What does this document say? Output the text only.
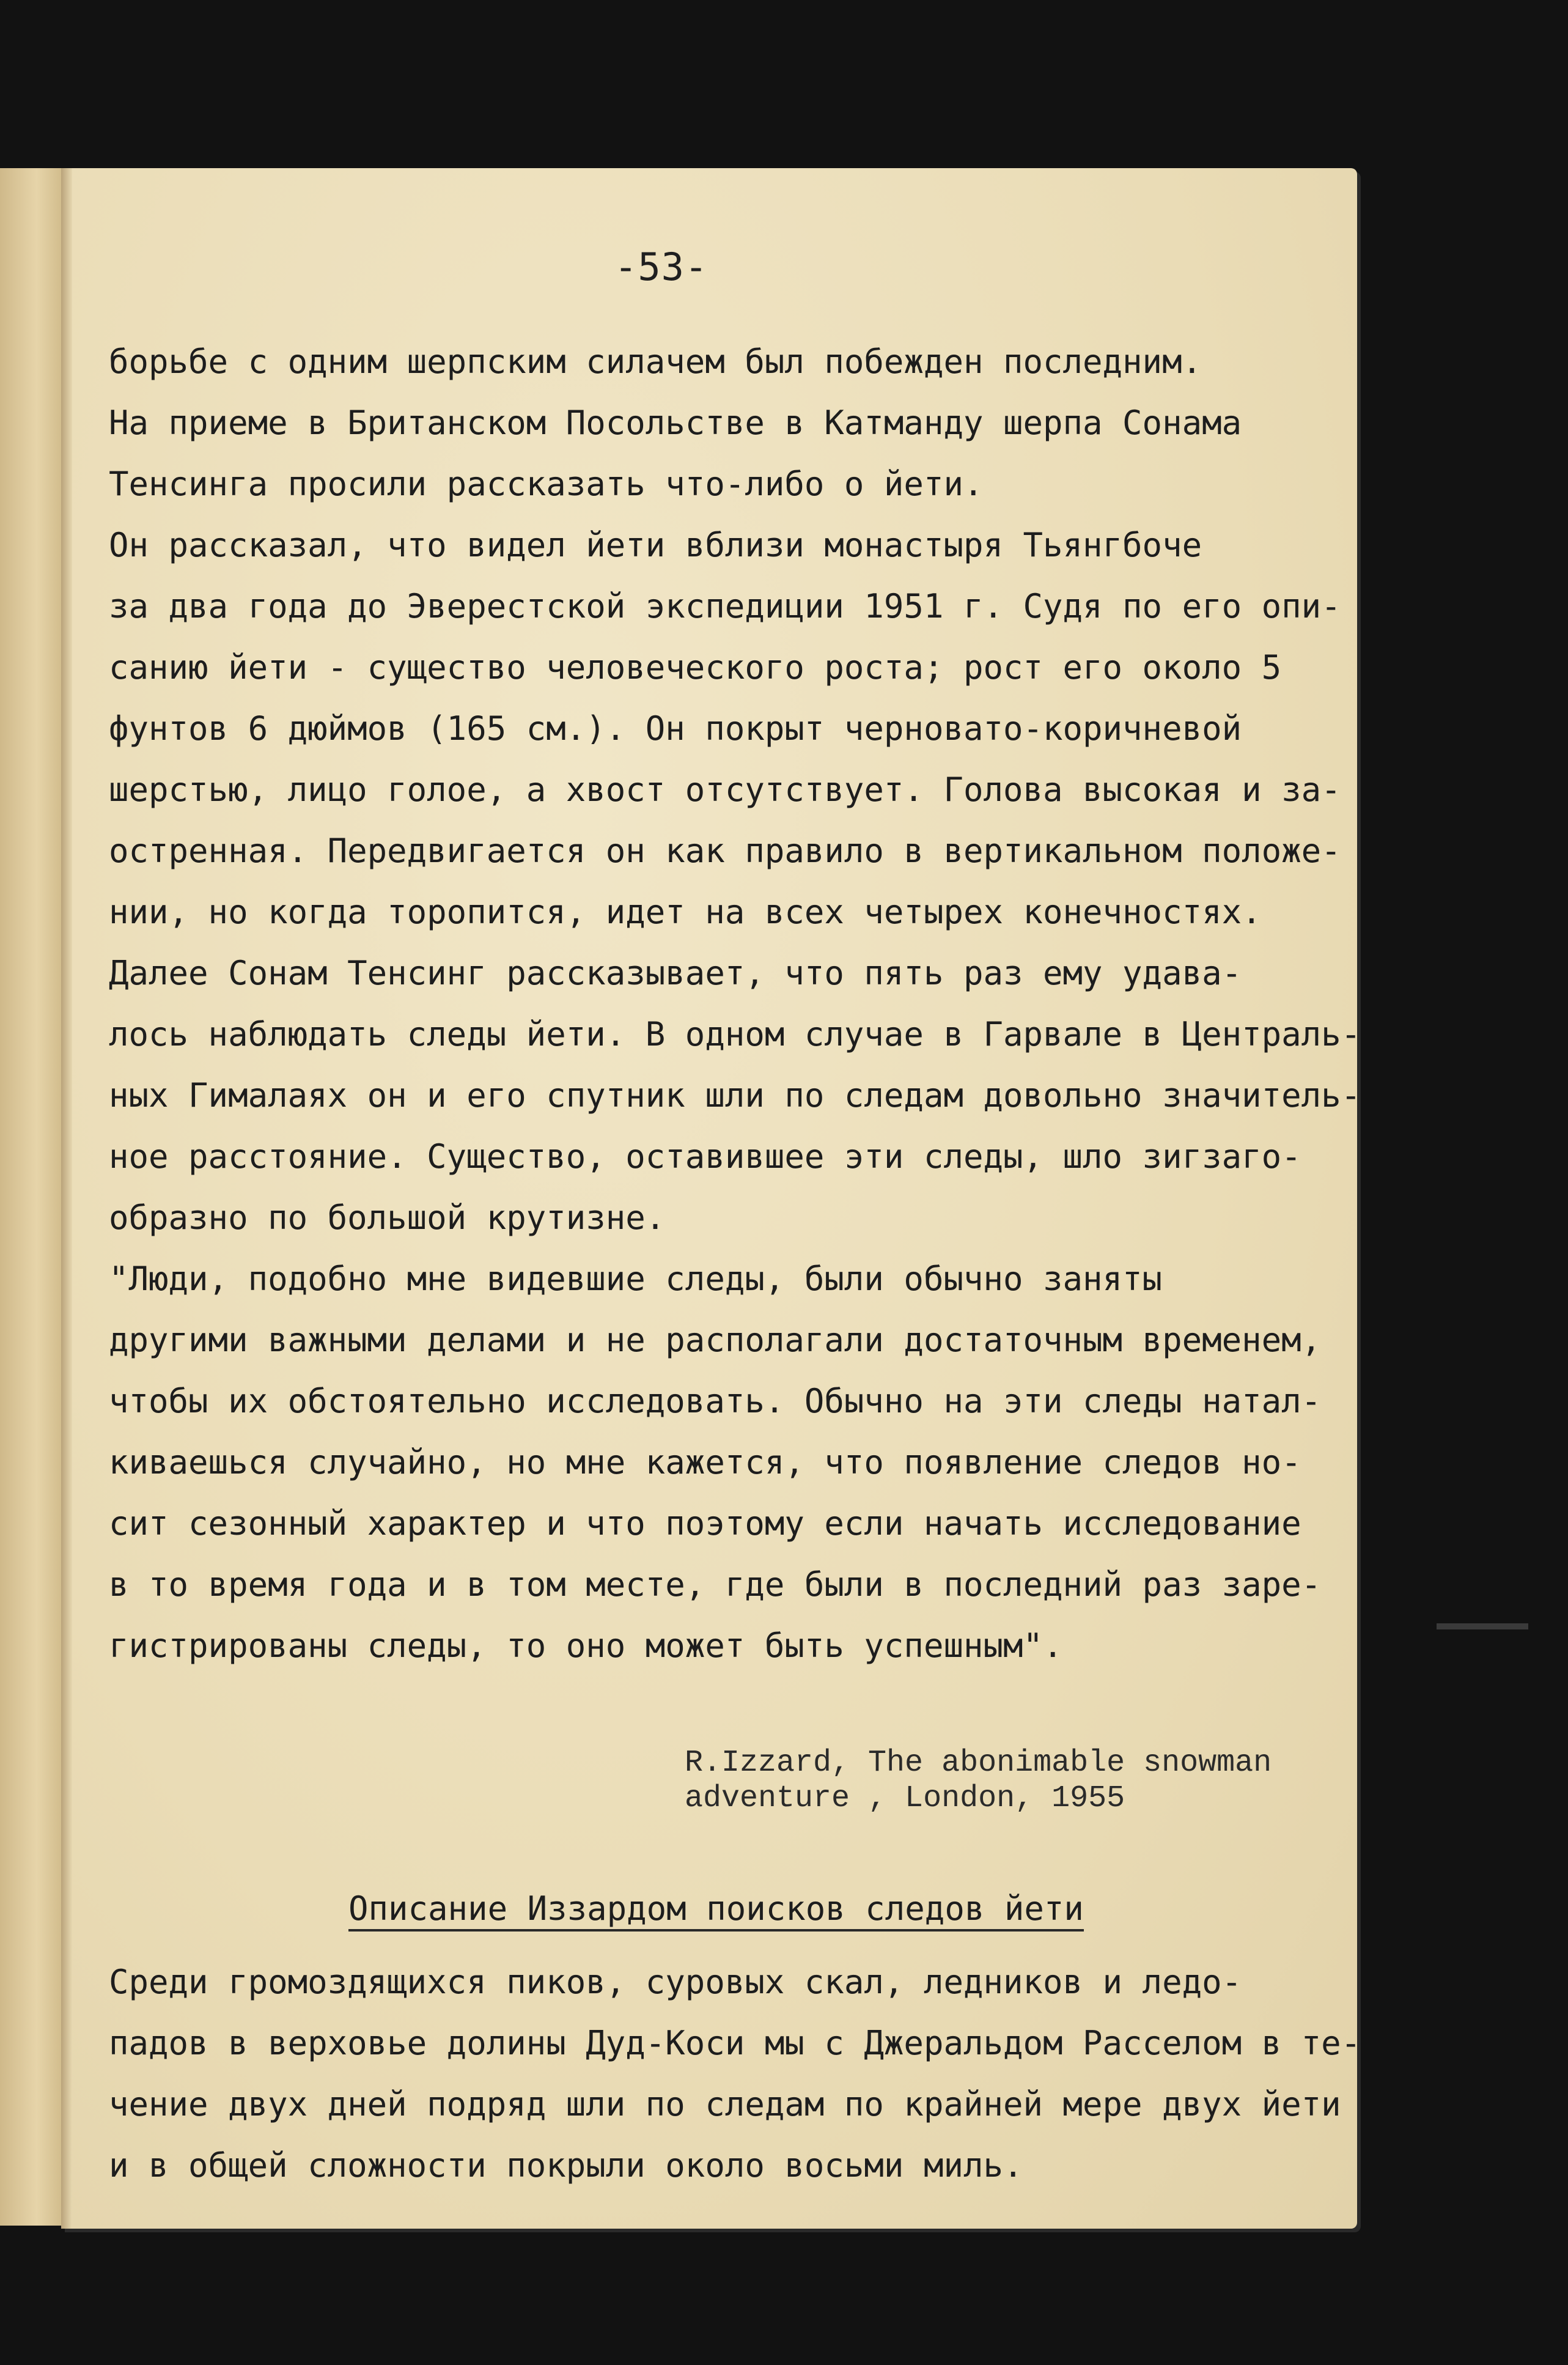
-53-
борьбе с одним шерпским силачем был побежден последним.
На приеме в Британском Посольстве в Катманду шерпа Сонама
Тенсинга просили рассказать что-либо о йети.
Он рассказал, что видел йети вблизи монастыря Тьянгбоче
за два года до Эверестской экспедиции 1951 г. Судя по его опи-
санию йети - существо человеческого роста; рост его около 5
фунтов 6 дюймов (165 см.). Он покрыт черновато-коричневой
шерстью, лицо голое, а хвост отсутствует. Голова высокая и за-
остренная. Передвигается он как правило в вертикальном положе-
нии, но когда торопится, идет на всех четырех конечностях.
Далее Сонам Тенсинг рассказывает, что пять раз ему удава-
лось наблюдать следы йети. В одном случае в Гарвале в Централь-
ных Гималаях он и его спутник шли по следам довольно значитель-
ное расстояние. Существо, оставившее эти следы, шло зигзаго-
образно по большой крутизне.
"Люди, подобно мне видевшие следы, были обычно заняты
другими важными делами и не располагали достаточным временем,
чтобы их обстоятельно исследовать. Обычно на эти следы натал-
киваешься случайно, но мне кажется, что появление следов но-
сит сезонный характер и что поэтому если начать исследование
в то время года и в том месте, где были в последний раз заре-
гистрированы следы, то оно может быть успешным".
R.Izzard, The abonimable snowman
adventure , London, 1955
Описание Иззардом поисков следов йети
Среди громоздящихся пиков, суровых скал, ледников и ледо-
падов в верховье долины Дуд-Коси мы с Джеральдом Расселом в те-
чение двух дней подряд шли по следам по крайней мере двух йети
и в общей сложности покрыли около восьми миль.
